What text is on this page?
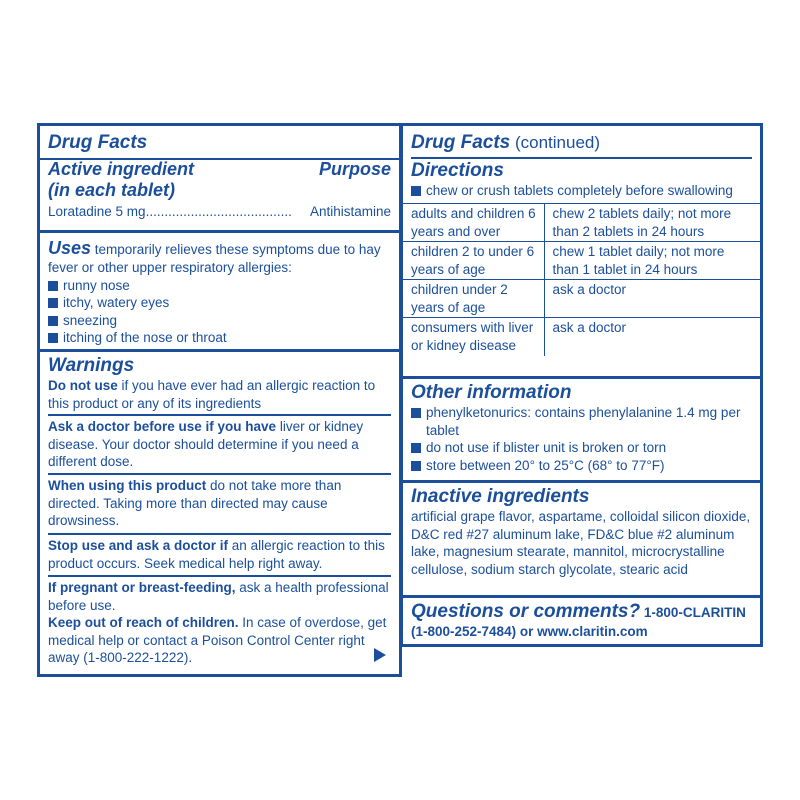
Drug Facts
Active ingredient
(in each tablet)
Purpose
Loratadine 5 mg....................................... Antihistamine
Uses temporarily relieves these symptoms due to hay fever or other upper respiratory allergies:
runny nose
itchy, watery eyes
sneezing
itching of the nose or throat
Warnings
Do not use if you have ever had an allergic reaction to this product or any of its ingredients
Ask a doctor before use if you have liver or kidney disease. Your doctor should determine if you need a different dose.
When using this product do not take more than directed. Taking more than directed may cause drowsiness.
Stop use and ask a doctor if an allergic reaction to this product occurs. Seek medical help right away.
If pregnant or breast-feeding, ask a health professional before use.
Keep out of reach of children. In case of overdose, get medical help or contact a Poison Control Center right away (1-800-222-1222).
Drug Facts (continued)
Directions
chew or crush tablets completely before swallowing
adults and children 6 years and over	chew 2 tablets daily; not more than 2 tablets in 24 hours
children 2 to under 6 years of age	chew 1 tablet daily; not more than 1 tablet in 24 hours
children under 2 years of age	ask a doctor
consumers with liver or kidney disease	ask a doctor
Other information
phenylketonurics: contains phenylalanine 1.4 mg per tablet
do not use if blister unit is broken or torn
store between 20° to 25°C (68° to 77°F)
Inactive ingredients
artificial grape flavor, aspartame, colloidal silicon dioxide, D&C red #27 aluminum lake, FD&C blue #2 aluminum lake, magnesium stearate, mannitol, microcrystalline cellulose, sodium starch glycolate, stearic acid
Questions or comments? 1-800-CLARITIN
(1-800-252-7484) or www.claritin.com
